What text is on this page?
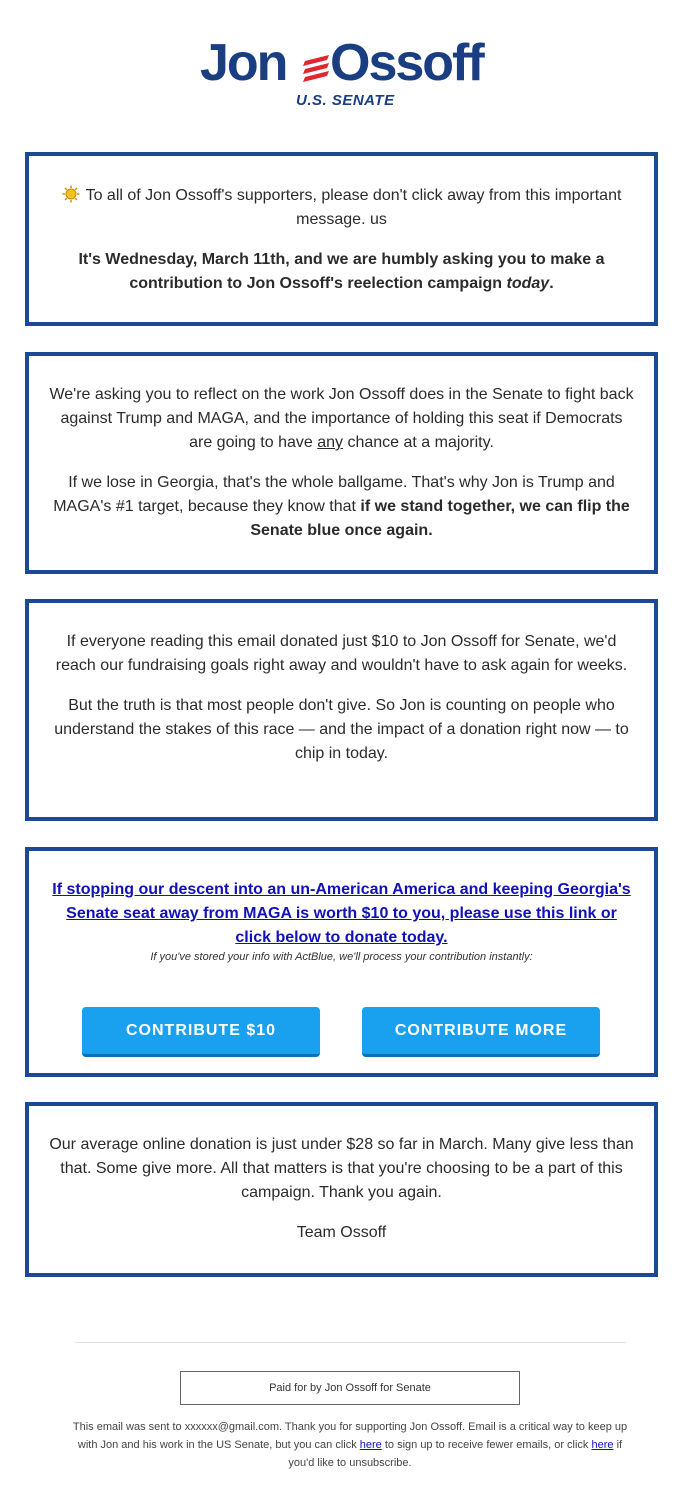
Jon Ossoff
U.S. SENATE

To all of Jon Ossoff's supporters, please don't click away from this important message. us

It's Wednesday, March 11th, and we are humbly asking you to make a contribution to Jon Ossoff's reelection campaign today.

We're asking you to reflect on the work Jon Ossoff does in the Senate to fight back against Trump and MAGA, and the importance of holding this seat if Democrats are going to have any chance at a majority.

If we lose in Georgia, that's the whole ballgame. That's why Jon is Trump and MAGA's #1 target, because they know that if we stand together, we can flip the Senate blue once again.

If everyone reading this email donated just $10 to Jon Ossoff for Senate, we'd reach our fundraising goals right away and wouldn't have to ask again for weeks.

But the truth is that most people don't give. So Jon is counting on people who understand the stakes of this race — and the impact of a donation right now — to chip in today.

If stopping our descent into an un-American America and keeping Georgia's Senate seat away from MAGA is worth $10 to you, please use this link or click below to donate today.

If you've stored your info with ActBlue, we'll process your contribution instantly:

CONTRIBUTE $10	CONTRIBUTE MORE

Our average online donation is just under $28 so far in March. Many give less than that. Some give more. All that matters is that you're choosing to be a part of this campaign. Thank you again.

Team Ossoff

Paid for by Jon Ossoff for Senate
This email was sent to xxxxxx@gmail.com. Thank you for supporting Jon Ossoff. Email is a critical way to keep up with Jon and his work in the US Senate, but you can click here to sign up to receive fewer emails, or click here if you'd like to unsubscribe.
